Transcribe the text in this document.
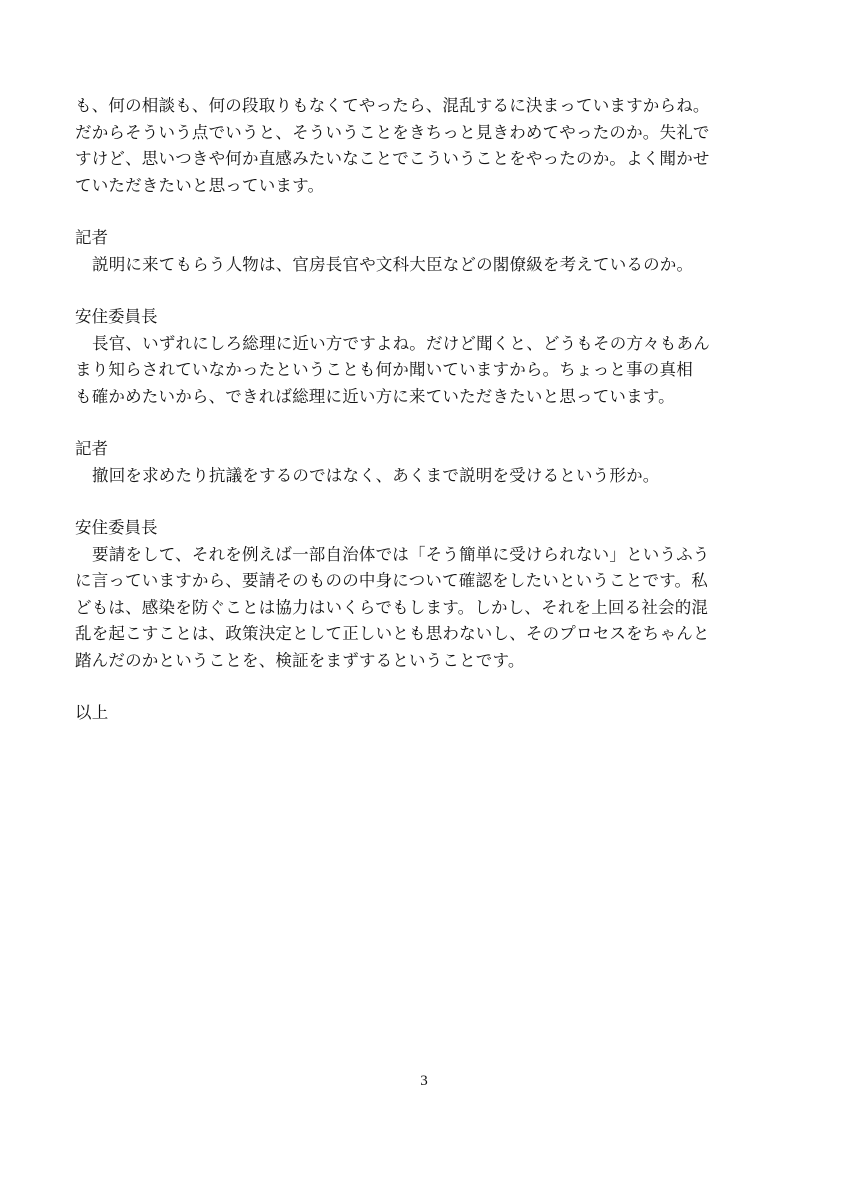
も、何の相談も、何の段取りもなくてやったら、混乱するに決まっていますからね。
だからそういう点でいうと、そういうことをきちっと見きわめてやったのか。失礼で
すけど、思いつきや何か直感みたいなことでこういうことをやったのか。よく聞かせ
ていただきたいと思っています。
記者
説明に来てもらう人物は、官房長官や文科大臣などの閣僚級を考えているのか。
安住委員長
長官、いずれにしろ総理に近い方ですよね。だけど聞くと、どうもその方々もあん
まり知らされていなかったということも何か聞いていますから。ちょっと事の真相
も確かめたいから、できれば総理に近い方に来ていただきたいと思っています。
記者
撤回を求めたり抗議をするのではなく、あくまで説明を受けるという形か。
安住委員長
要請をして、それを例えば一部自治体では「そう簡単に受けられない」というふう
に言っていますから、要請そのものの中身について確認をしたいということです。私
どもは、感染を防ぐことは協力はいくらでもします。しかし、それを上回る社会的混
乱を起こすことは、政策決定として正しいとも思わないし、そのプロセスをちゃんと
踏んだのかということを、検証をまずするということです。
以上
3
